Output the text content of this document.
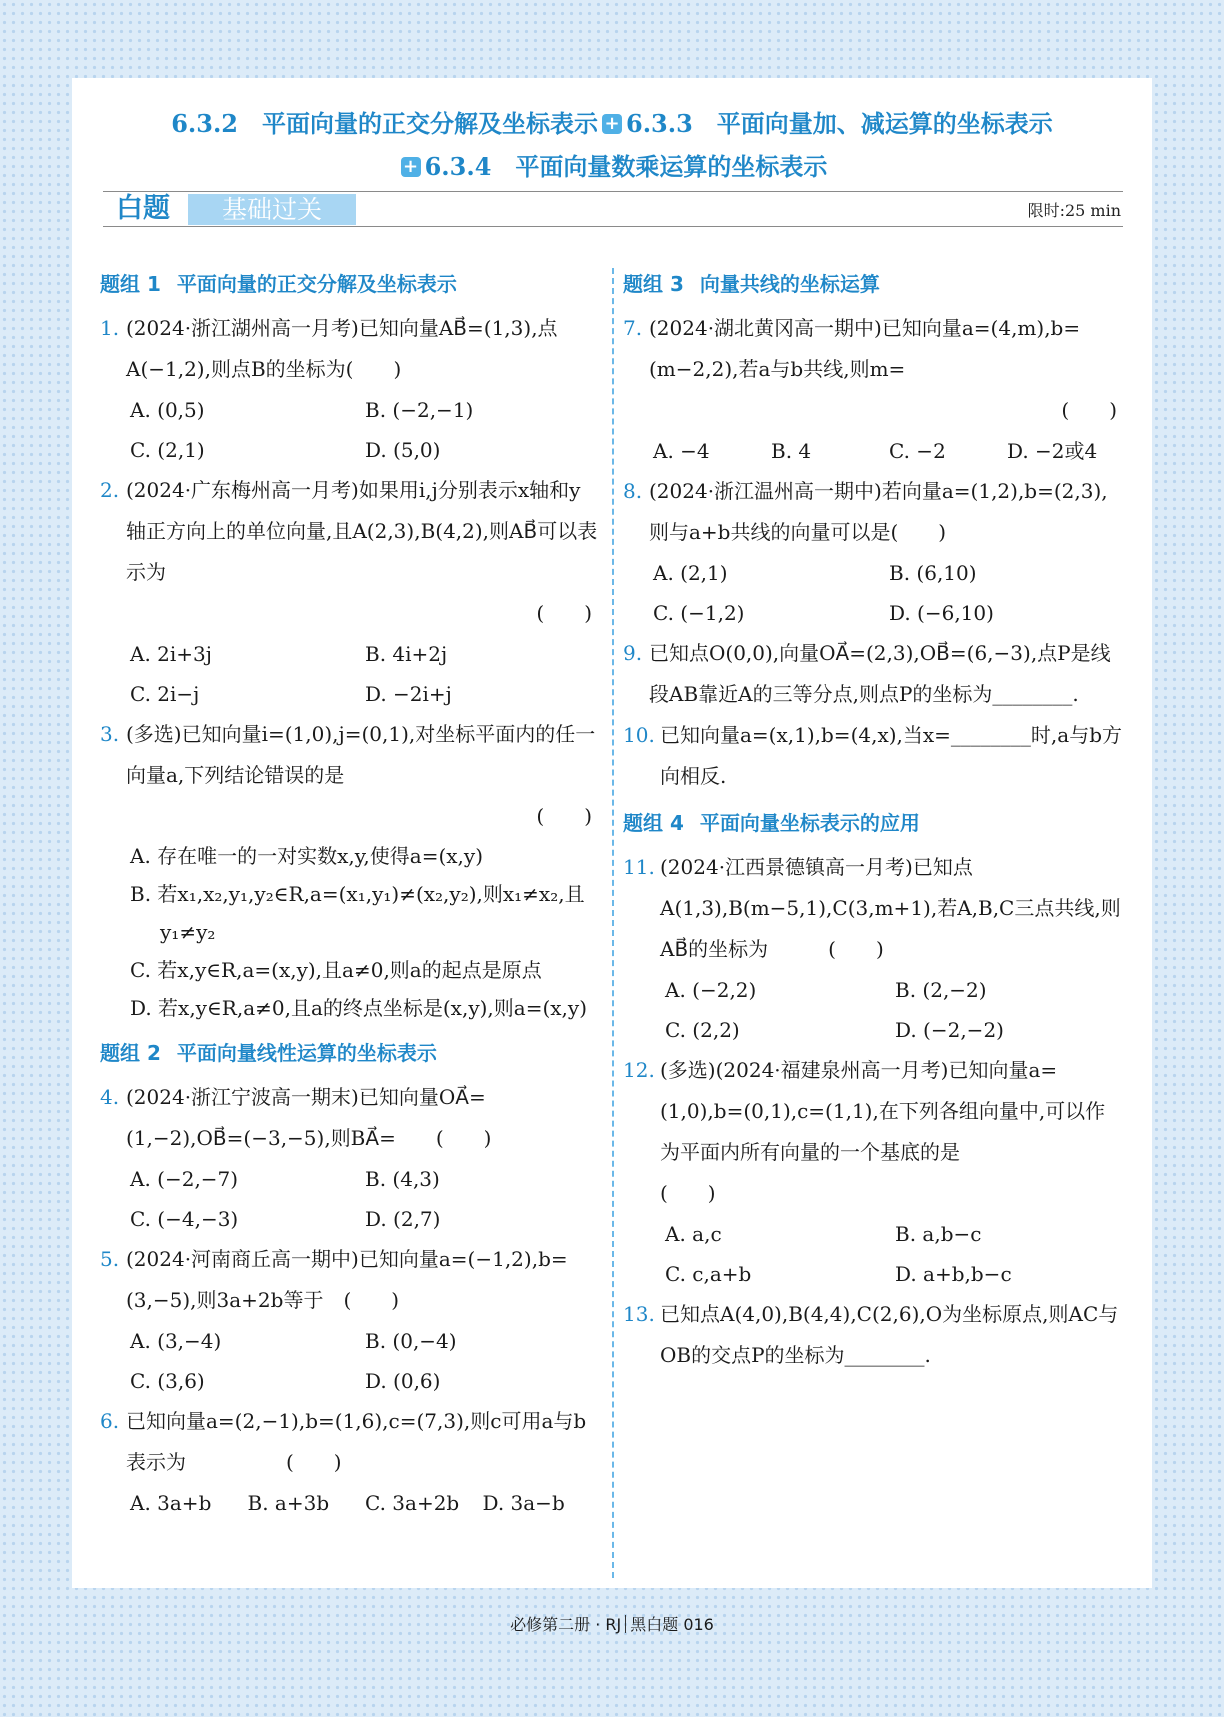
6.3.2　平面向量的正交分解及坐标表示 + 6.3.3　平面向量加、减运算的坐标表示
+ 6.3.4　平面向量数乘运算的坐标表示
白题	基础过关	限时:25 min
题组 1 平面向量的正交分解及坐标表示
1. (2024·浙江湖州高一月考)已知向量AB⃗=(1,3),点A(−1,2),则点B的坐标为(　　)
A. (0,5)	B. (−2,−1)
C. (2,1)	D. (5,0)
2. (2024·广东梅州高一月考)如果用i,j分别表示x轴和y轴正方向上的单位向量,且A(2,3),B(4,2),则AB⃗可以表示为
(　　)
A. 2i+3j	B. 4i+2j
C. 2i−j	D. −2i+j
3. (多选)已知向量i=(1,0),j=(0,1),对坐标平面内的任一向量a,下列结论错误的是
(　　)
A. 存在唯一的一对实数x,y,使得a=(x,y)
B. 若x₁,x₂,y₁,y₂∈R,a=(x₁,y₁)≠(x₂,y₂),则x₁≠x₂,且y₁≠y₂
C. 若x,y∈R,a=(x,y),且a≠0,则a的起点是原点
D. 若x,y∈R,a≠0,且a的终点坐标是(x,y),则a=(x,y)
题组 2 平面向量线性运算的坐标表示
4. (2024·浙江宁波高一期末)已知向量OA⃗=(1,−2),OB⃗=(−3,−5),则BA⃗=　　(　　)
A. (−2,−7)	B. (4,3)
C. (−4,−3)	D. (2,7)
5. (2024·河南商丘高一期中)已知向量a=(−1,2),b=(3,−5),则3a+2b等于　(　　)
A. (3,−4)	B. (0,−4)
C. (3,6)	D. (0,6)
6. 已知向量a=(2,−1),b=(1,6),c=(7,3),则c可用a与b表示为　　　　　(　　)
A. 3a+b	B. a+3b	C. 3a+2b	D. 3a−b
题组 3 向量共线的坐标运算
7. (2024·湖北黄冈高一期中)已知向量a=(4,m),b=(m−2,2),若a与b共线,则m=
(　　)
A. −4	B. 4	C. −2	D. −2或4
8. (2024·浙江温州高一期中)若向量a=(1,2),b=(2,3),则与a+b共线的向量可以是(　　)
A. (2,1)	B. (6,10)
C. (−1,2)	D. (−6,10)
9. 已知点O(0,0),向量OA⃗=(2,3),OB⃗=(6,−3),点P是线段AB靠近A的三等分点,则点P的坐标为________.
10. 已知向量a=(x,1),b=(4,x),当x=________时,a与b方向相反.
题组 4 平面向量坐标表示的应用
11. (2024·江西景德镇高一月考)已知点A(1,3),B(m−5,1),C(3,m+1),若A,B,C三点共线,则AB⃗的坐标为　　　(　　)
A. (−2,2)	B. (2,−2)
C. (2,2)	D. (−2,−2)
12. (多选)(2024·福建泉州高一月考)已知向量a=(1,0),b=(0,1),c=(1,1),在下列各组向量中,可以作为平面内所有向量的一个基底的是　　　　　　　　(　　)
A. a,c	B. a,b−c
C. c,a+b	D. a+b,b−c
13. 已知点A(4,0),B(4,4),C(2,6),O为坐标原点,则AC与OB的交点P的坐标为________.
必修第二册 · RJ 黑白题 016
